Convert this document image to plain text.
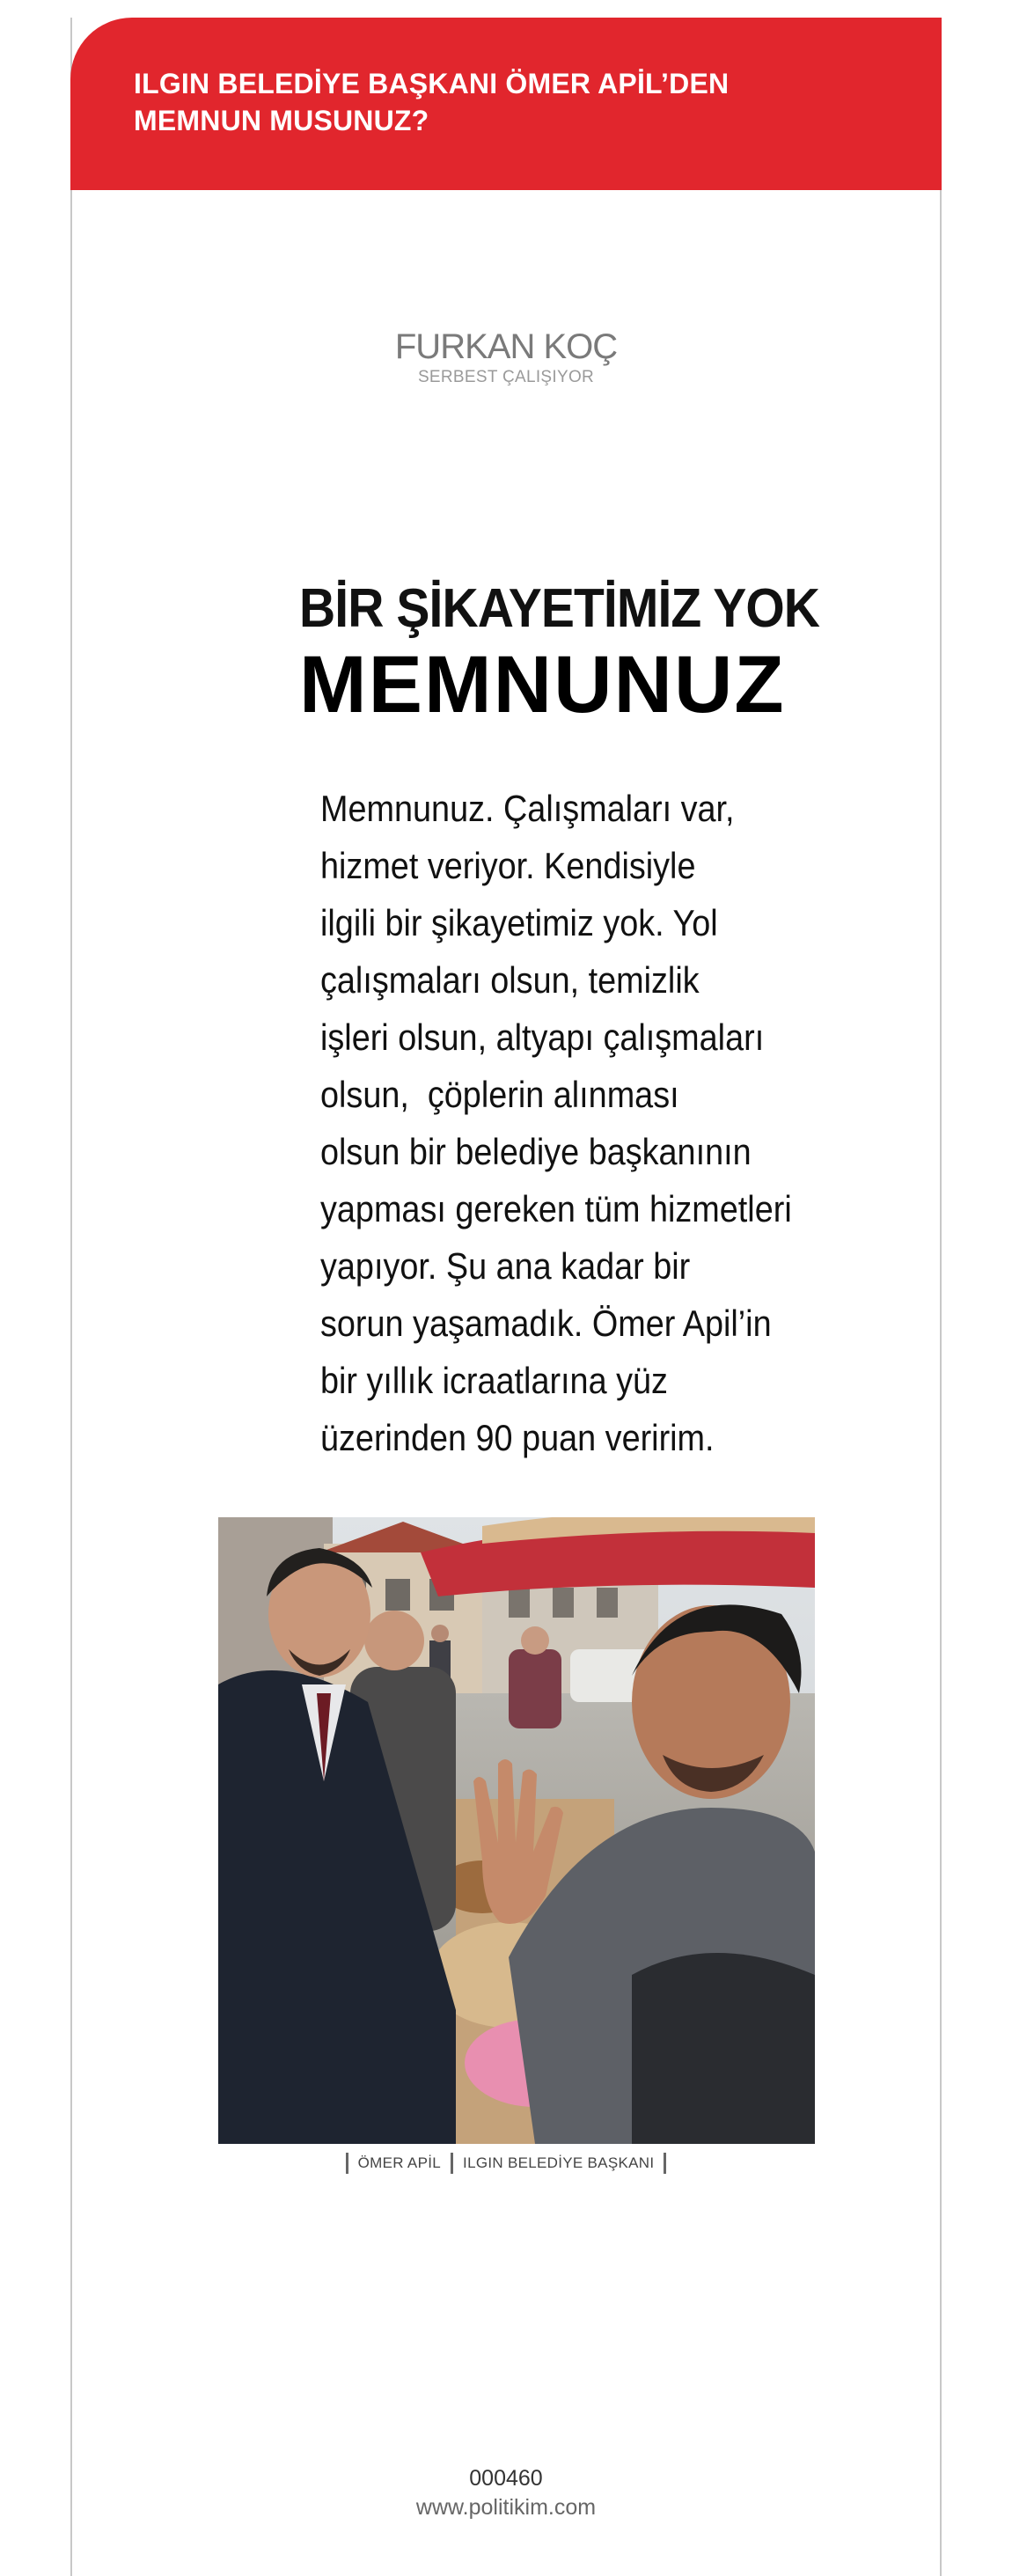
ILGIN BELEDİYE BAŞKANI ÖMER APİL’DEN
MEMNUN MUSUNUZ?
FURKAN KOÇ
SERBEST ÇALIŞIYOR
BİR ŞİKAYETİMİZ YOK
MEMNUNUZ
Memnunuz. Çalışmaları var,
hizmet veriyor. Kendisiyle
ilgili bir şikayetimiz yok. Yol
çalışmaları olsun, temizlik
işleri olsun, altyapı çalışmaları
olsun,  çöplerin alınması
olsun bir belediye başkanının
yapması gereken tüm hizmetleri
yapıyor. Şu ana kadar bir
sorun yaşamadık. Ömer Apil’in
bir yıllık icraatlarına yüz
üzerinden 90 puan veririm.
ÖMER APİL ILGIN BELEDİYE BAŞKANI
000460
www.politikim.com
